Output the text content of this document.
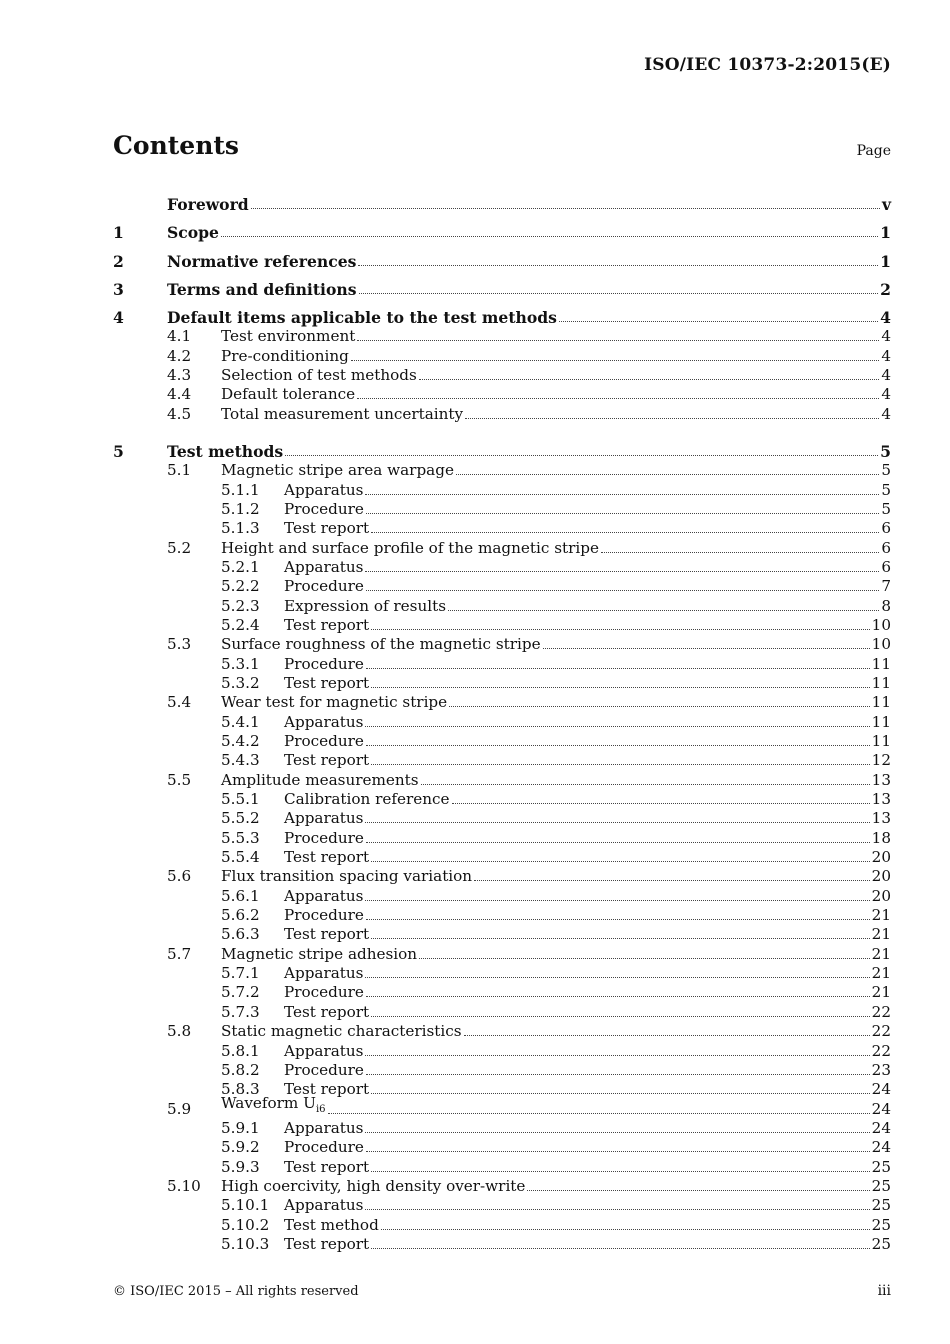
ISO/IEC 10373-2:2015(E)
Contents	Page
Foreword	v
1	Scope	1
2	Normative references	1
3	Terms and definitions	2
4	Default items applicable to the test methods	4
4.1	Test environment	4
4.2	Pre-conditioning	4
4.3	Selection of test methods	4
4.4	Default tolerance	4
4.5	Total measurement uncertainty	4
5	Test methods	5
5.1	Magnetic stripe area warpage	5
5.1.1	Apparatus	5
5.1.2	Procedure	5
5.1.3	Test report	6
5.2	Height and surface profile of the magnetic stripe	6
5.2.1	Apparatus	6
5.2.2	Procedure	7
5.2.3	Expression of results	8
5.2.4	Test report	10
5.3	Surface roughness of the magnetic stripe	10
5.3.1	Procedure	11
5.3.2	Test report	11
5.4	Wear test for magnetic stripe	11
5.4.1	Apparatus	11
5.4.2	Procedure	11
5.4.3	Test report	12
5.5	Amplitude measurements	13
5.5.1	Calibration reference	13
5.5.2	Apparatus	13
5.5.3	Procedure	18
5.5.4	Test report	20
5.6	Flux transition spacing variation	20
5.6.1	Apparatus	20
5.6.2	Procedure	21
5.6.3	Test report	21
5.7	Magnetic stripe adhesion	21
5.7.1	Apparatus	21
5.7.2	Procedure	21
5.7.3	Test report	22
5.8	Static magnetic characteristics	22
5.8.1	Apparatus	22
5.8.2	Procedure	23
5.8.3	Test report	24
5.9	Waveform $U_{i6}$	24
5.9.1	Apparatus	24
5.9.2	Procedure	24
5.9.3	Test report	25
5.10	High coercivity, high density over-write	25
5.10.1 Apparatus	25
5.10.2 Test method	25
5.10.3 Test report	25
© ISO/IEC 2015 – All rights reserved	iii
